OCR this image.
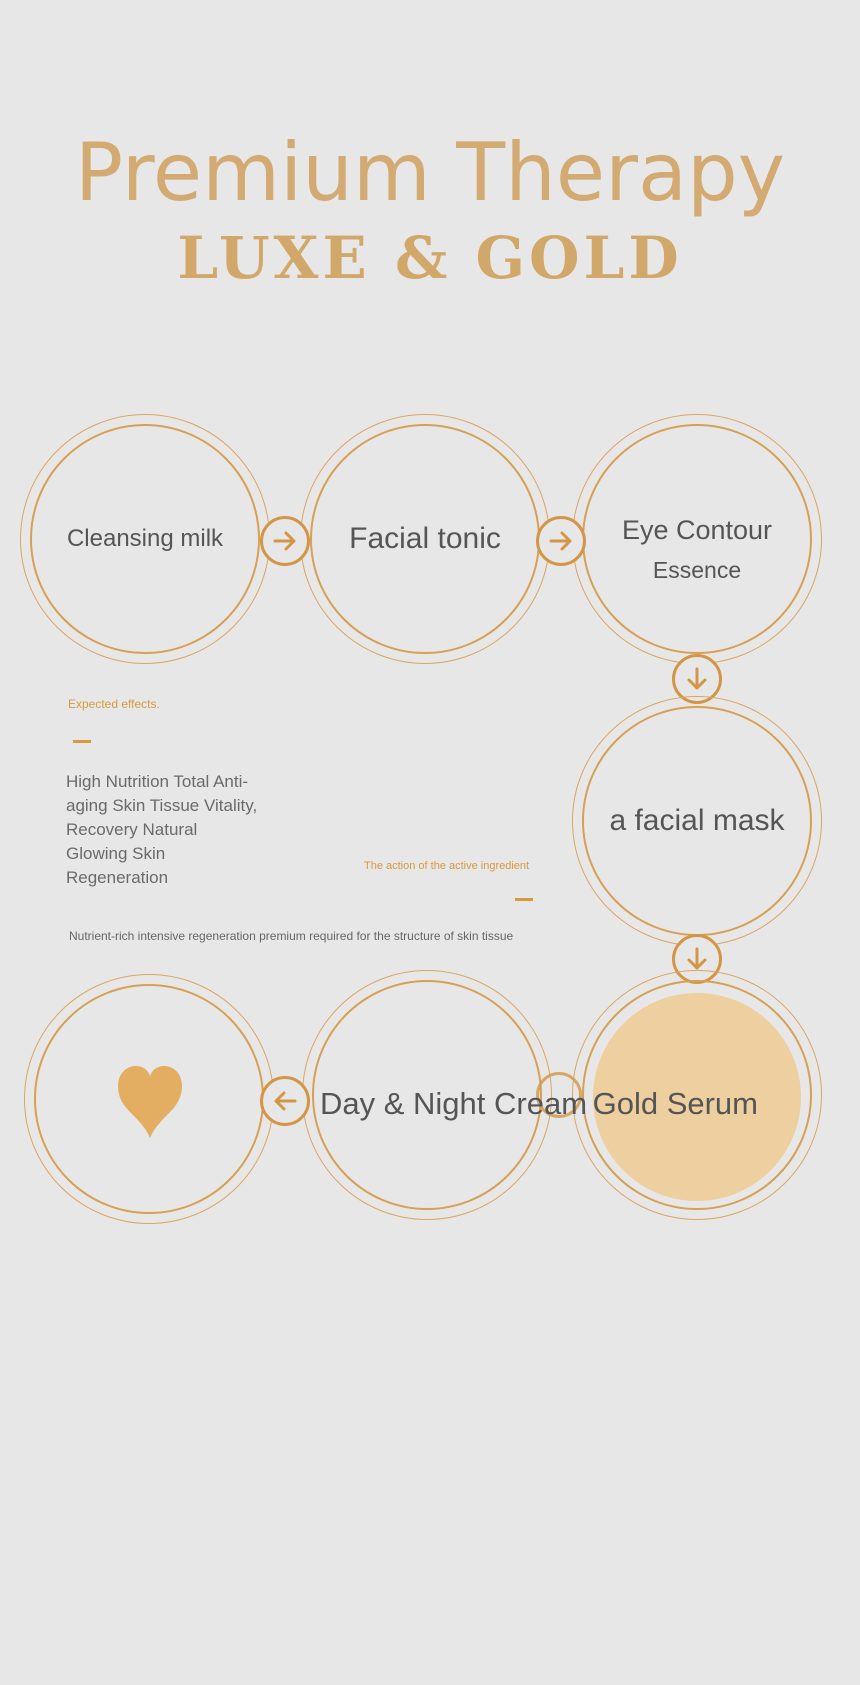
Premium Therapy
LUXE & GOLD
Cleansing milk	Facial tonic	Eye Contour
Essence
a facial mask
Expected effects.
High Nutrition Total Anti-aging Skin Tissue Vitality, Recovery Natural Glowing Skin Regeneration
The action of the active ingredient
Nutrient-rich intensive regeneration premium required for the structure of skin tissue
Day & Night Cream Gold Serum
